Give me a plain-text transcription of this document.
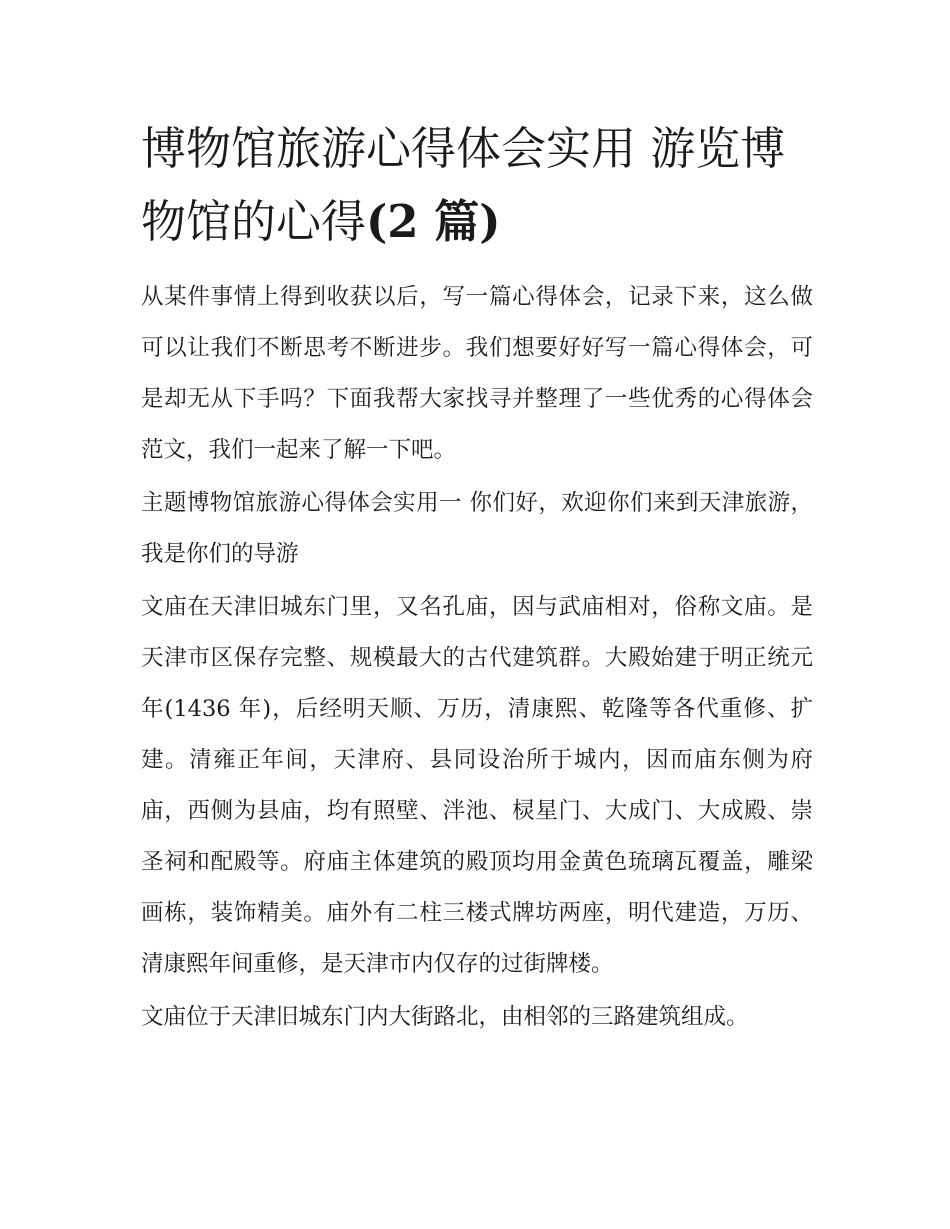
博物馆旅游心得体会实用 游览博物馆的心得(2 篇)

从某件事情上得到收获以后，写一篇心得体会，记录下来，这么做可以让我们不断思考不断进步。我们想要好好写一篇心得体会，可是却无从下手吗？下面我帮大家找寻并整理了一些优秀的心得体会范文，我们一起来了解一下吧。

主题博物馆旅游心得体会实用一 你们好，欢迎你们来到天津旅游，我是你们的导游

文庙在天津旧城东门里，又名孔庙，因与武庙相对，俗称文庙。是天津市区保存完整、规模最大的古代建筑群。大殿始建于明正统元年(1436 年)，后经明天顺、万历，清康熙、乾隆等各代重修、扩建。清雍正年间，天津府、县同设治所于城内，因而庙东侧为府庙，西侧为县庙，均有照壁、泮池、棂星门、大成门、大成殿、崇圣祠和配殿等。府庙主体建筑的殿顶均用金黄色琉璃瓦覆盖，雕梁画栋，装饰精美。庙外有二柱三楼式牌坊两座，明代建造，万历、清康熙年间重修，是天津市内仅存的过街牌楼。

文庙位于天津旧城东门内大街路北，由相邻的三路建筑组成。
